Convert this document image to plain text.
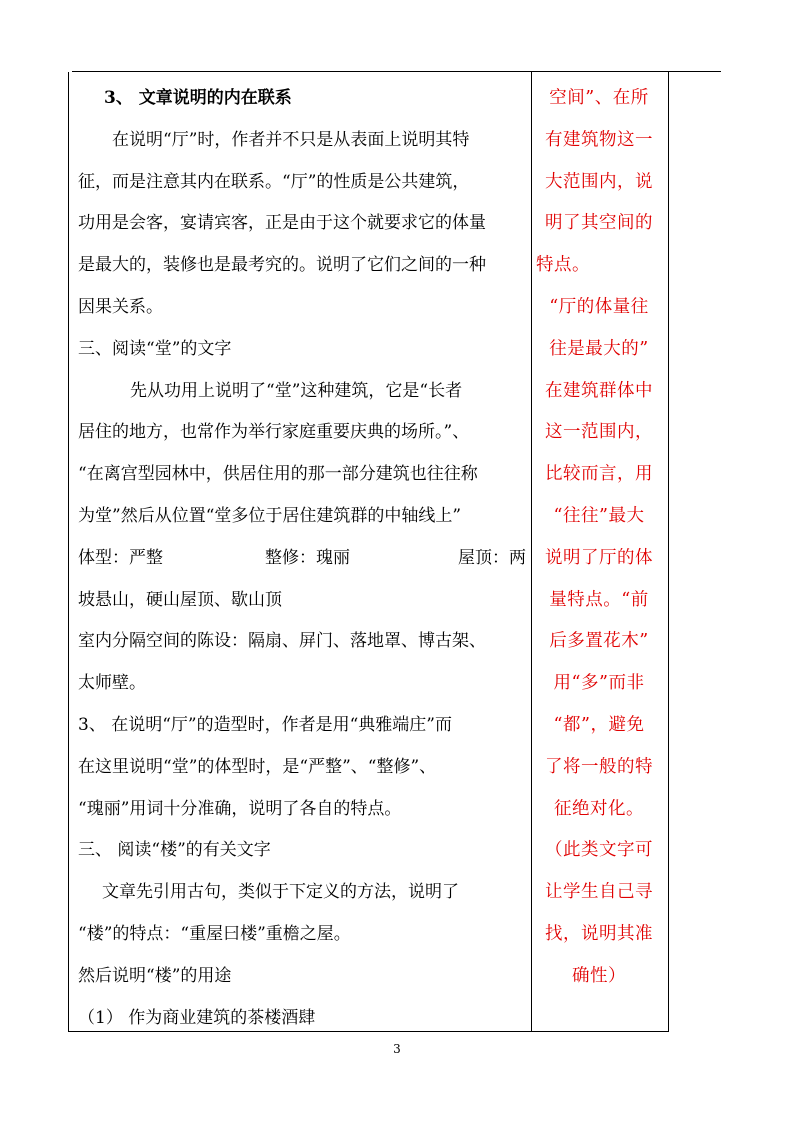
3、 文章说明的内在联系
在说明“厅”时，作者并不只是从表面上说明其特
征，而是注意其内在联系。“厅”的性质是公共建筑，
功用是会客，宴请宾客，正是由于这个就要求它的体量
是最大的，装修也是最考究的。说明了它们之间的一种
因果关系。
三、阅读“堂”的文字
先从功用上说明了“堂”这种建筑，它是“长者
居住的地方，也常作为举行家庭重要庆典的场所。”、
“在离宫型园林中，供居住用的那一部分建筑也往往称
为堂”然后从位置“堂多位于居住建筑群的中轴线上”
体型：严整	整修：瑰丽	屋顶：两
坡悬山，硬山屋顶、歇山顶
室内分隔空间的陈设：隔扇、屏门、落地罩、博古架、
太师壁。
3、 在说明“厅”的造型时，作者是用“典雅端庄”而
在这里说明“堂”的体型时，是“严整”、“整修”、
“瑰丽”用词十分准确，说明了各自的特点。
三、 阅读“楼”的有关文字
文章先引用古句，类似于下定义的方法，说明了
“楼”的特点：“重屋曰楼”重檐之屋。
然后说明“楼”的用途
（1） 作为商业建筑的茶楼酒肆
空间”、在所
有建筑物这一
大范围内，说
明了其空间的
特点。
“厅的体量往
往是最大的”
在建筑群体中
这一范围内，
比较而言，用
“往往”最大
说明了厅的体
量特点。“前
后多置花木”
用“多”而非
“都”，避免
了将一般的特
征绝对化。
（此类文字可
让学生自己寻
找，说明其准
确性）
3
